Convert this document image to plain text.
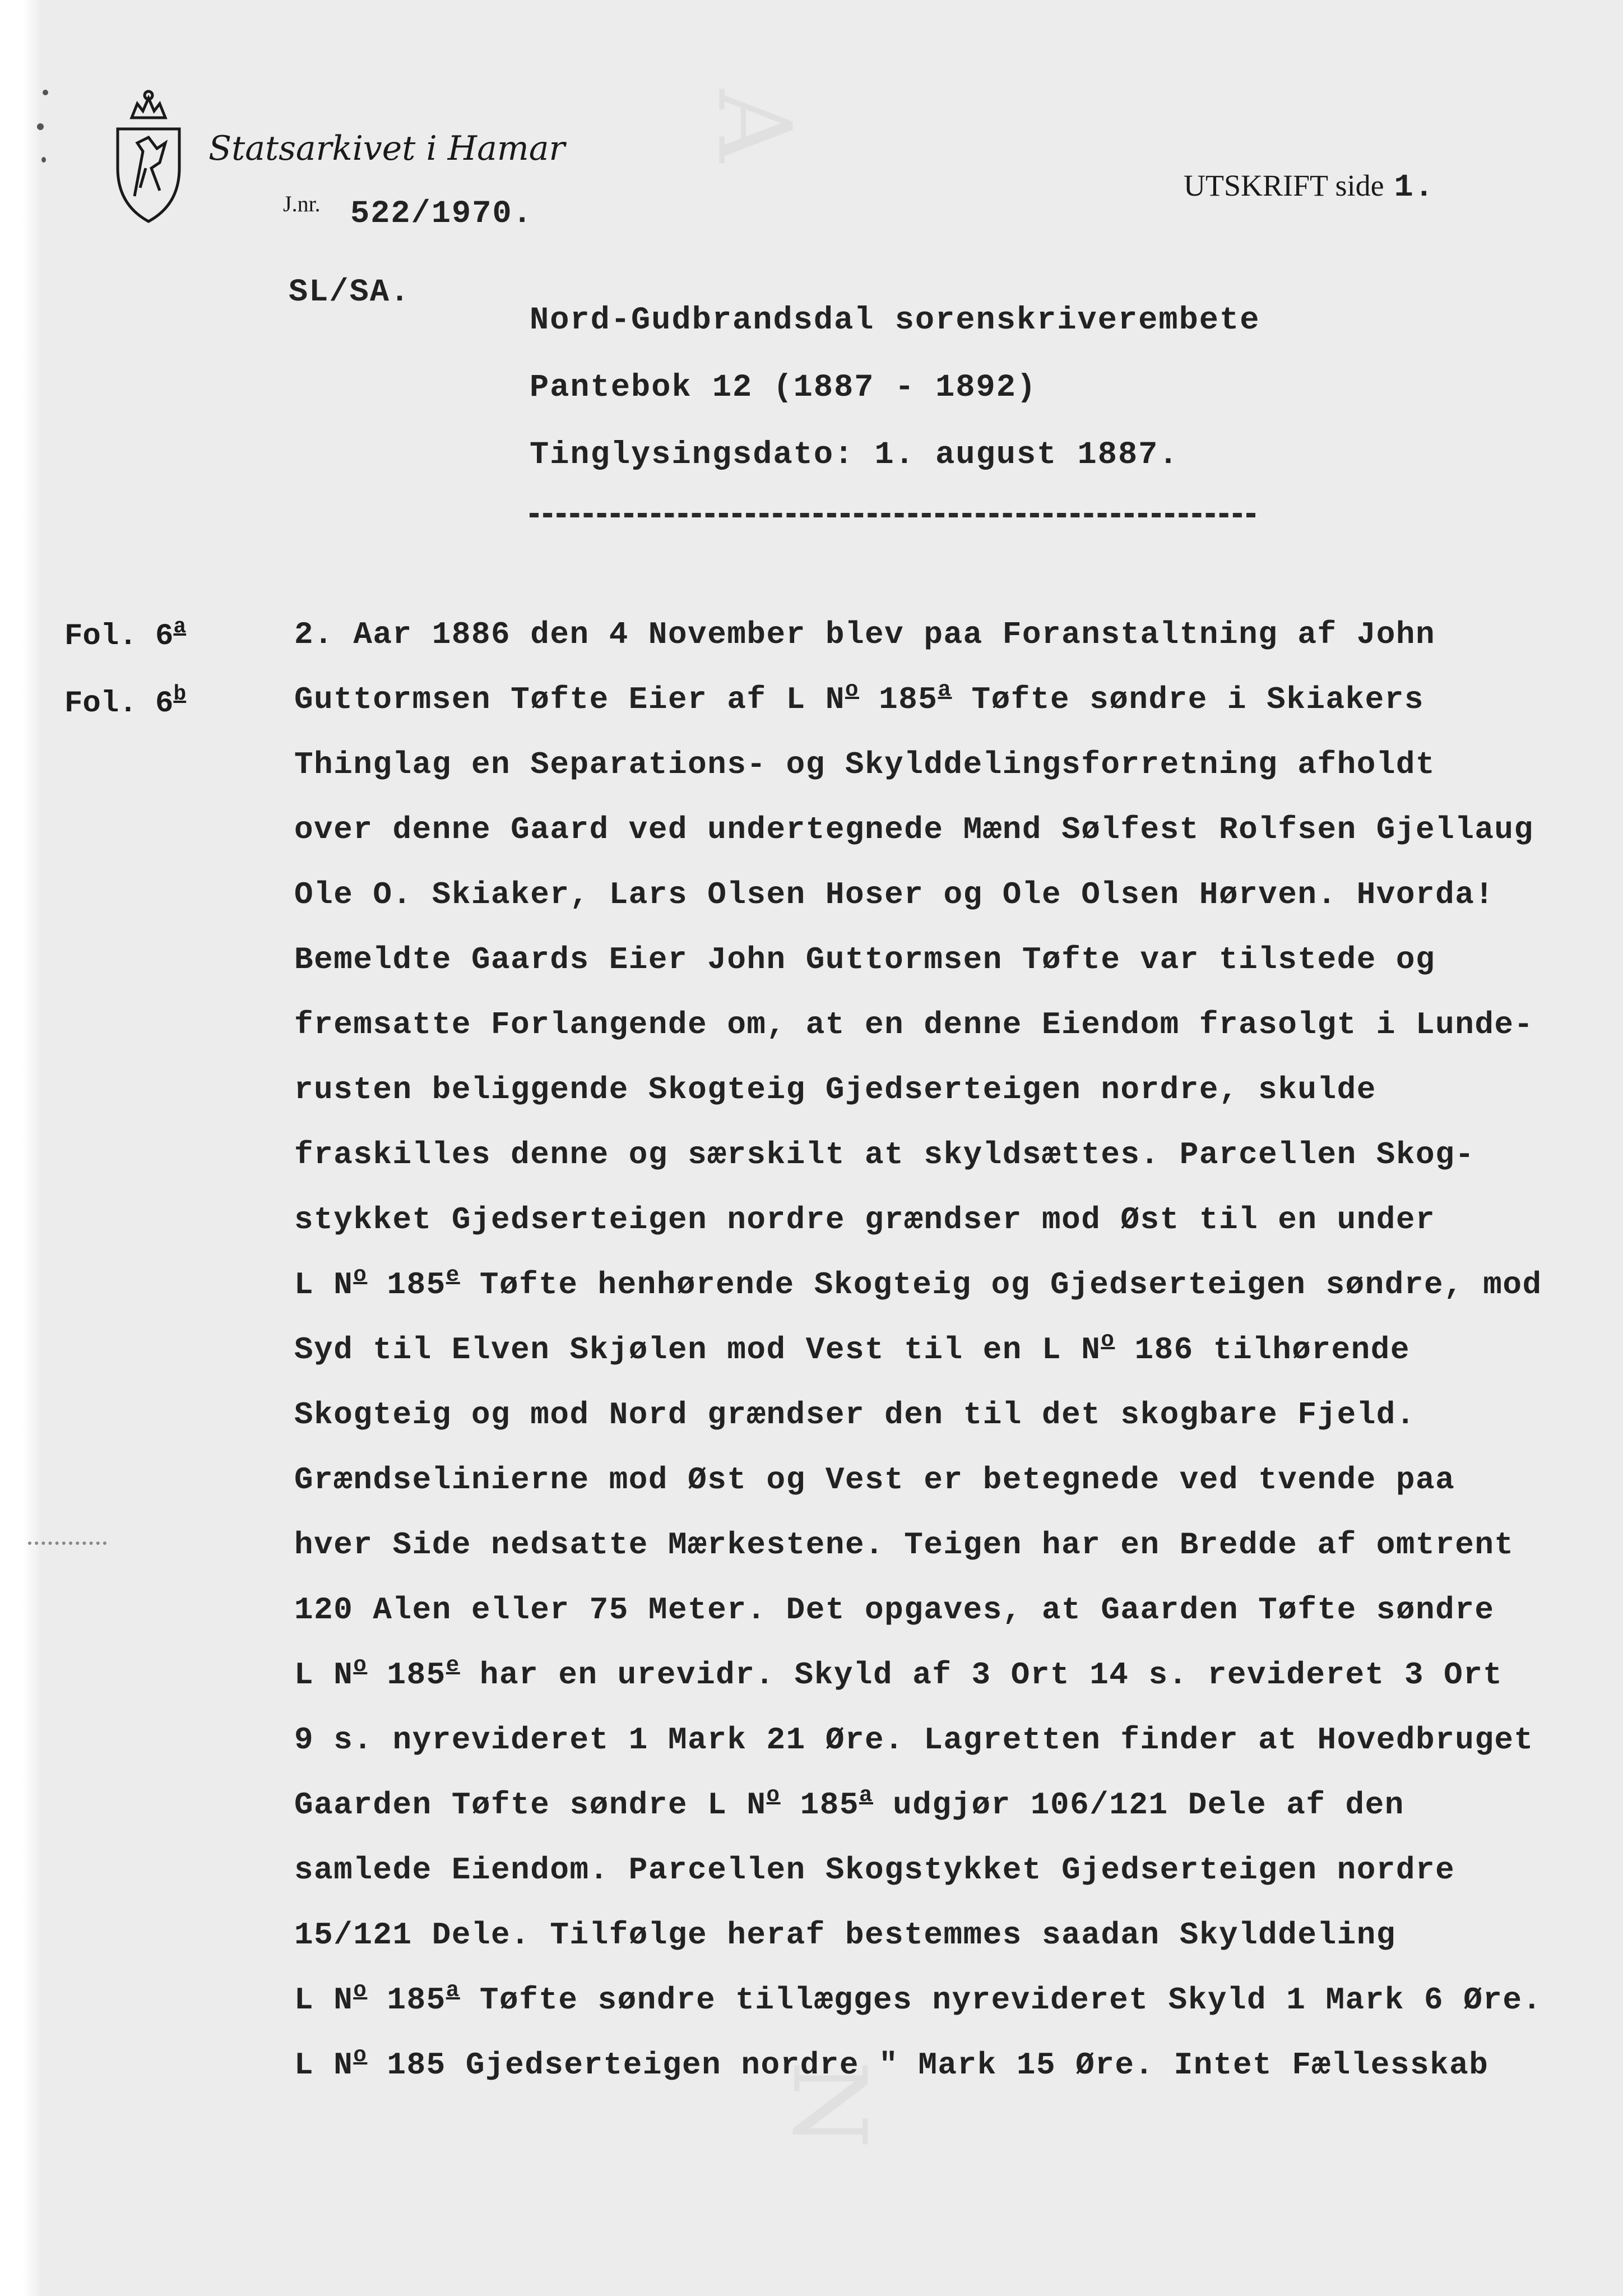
A
N
Statsarkivet i Hamar
J.nr. 522/1970.
UTSKRIFT side 1.
SL/SA.
Nord-Gudbrandsdal sorenskriverembete
Pantebok 12 (1887 - 1892)
Tinglysingsdato: 1. august 1887.
Fol. 6a
Fol. 6b
2. Aar 1886 den 4 November blev paa Foranstaltning af John
Guttormsen Tøfte Eier af L No 185a Tøfte søndre i Skiakers
Thinglag en Separations- og Skylddelingsforretning afholdt
over denne Gaard ved undertegnede Mænd Sølfest Rolfsen Gjellaug
Ole O. Skiaker, Lars Olsen Hoser og Ole Olsen Hørven. Hvorda!
Bemeldte Gaards Eier John Guttormsen Tøfte var tilstede og
fremsatte Forlangende om, at en denne Eiendom frasolgt i Lunde-
rusten beliggende Skogteig Gjedserteigen nordre, skulde
fraskilles denne og særskilt at skyldsættes. Parcellen Skog-
stykket Gjedserteigen nordre grændser mod Øst til en under
L No 185e Tøfte henhørende Skogteig og Gjedserteigen søndre, mod
Syd til Elven Skjølen mod Vest til en L No 186 tilhørende
Skogteig og mod Nord grændser den til det skogbare Fjeld.
Grændselinierne mod Øst og Vest er betegnede ved tvende paa
hver Side nedsatte Mærkestene. Teigen har en Bredde af omtrent
120 Alen eller 75 Meter. Det opgaves, at Gaarden Tøfte søndre
L No 185e har en urevidr. Skyld af 3 Ort 14 s. revideret 3 Ort
9 s. nyrevideret 1 Mark 21 Øre. Lagretten finder at Hovedbruget
Gaarden Tøfte søndre L No 185a udgjør 106/121 Dele af den
samlede Eiendom. Parcellen Skogstykket Gjedserteigen nordre
15/121 Dele. Tilfølge heraf bestemmes saadan Skylddeling
L No 185a Tøfte søndre tillægges nyrevideret Skyld 1 Mark 6 Øre.
L No 185 Gjedserteigen nordre " Mark 15 Øre. Intet Fællesskab
